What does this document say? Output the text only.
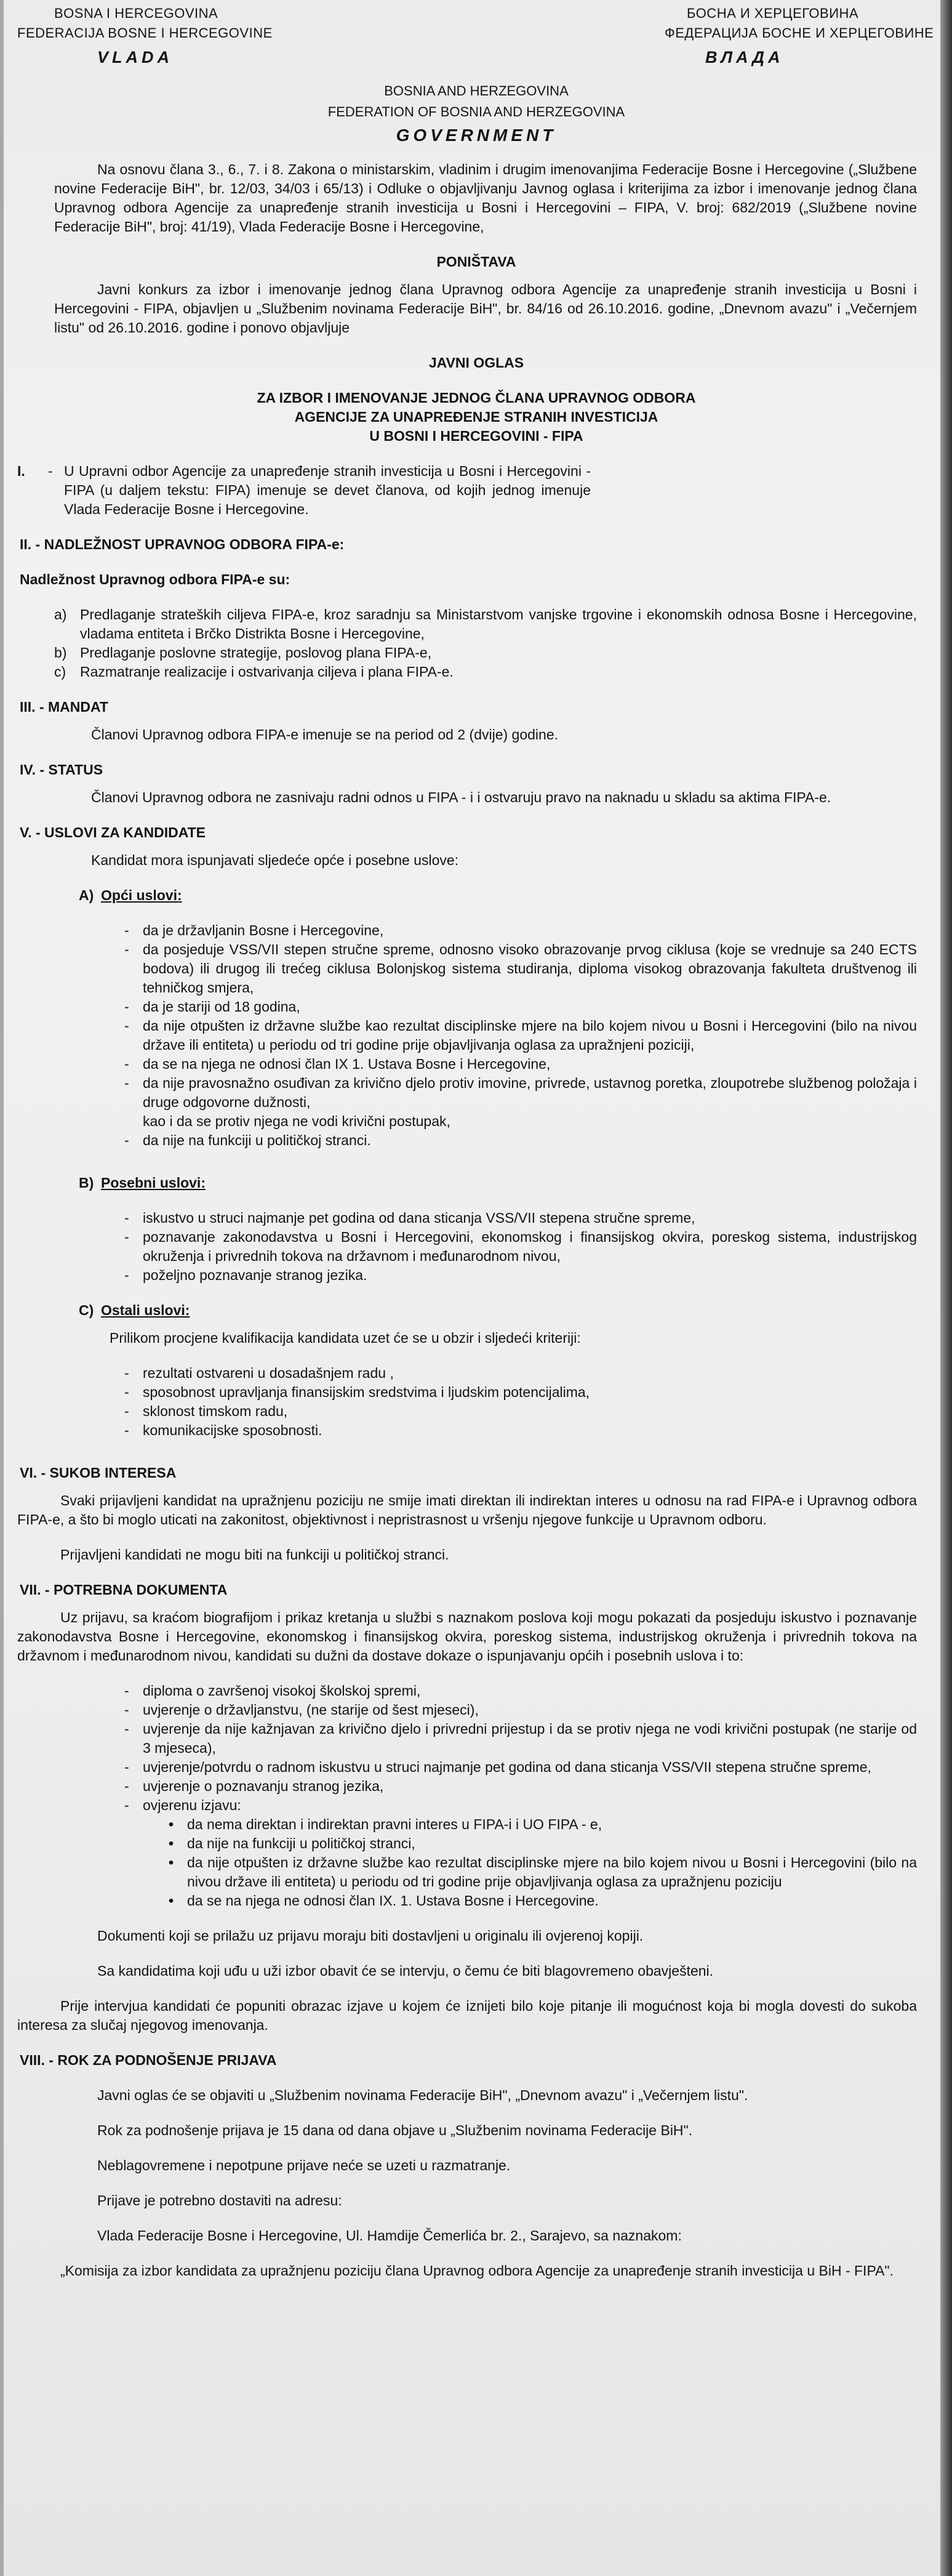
BOSNA I HERCEGOVINA
FEDERACIJA BOSNE I HERCEGOVINE
VLADA
БОСНА И ХЕРЦЕГОВИНА
ФЕДЕРАЦИЈА БОСНЕ И ХЕРЦЕГОВИНЕ
ВЛАДА
BOSNIA AND HERZEGOVINA
FEDERATION OF BOSNIA AND HERZEGOVINA
GOVERNMENT

Na osnovu člana 3., 6., 7. i 8. Zakona o ministarskim, vladinim i drugim imenovanjima Federacije Bosne i Hercegovine („Službene novine Federacije BiH", br. 12/03, 34/03 i 65/13) i Odluke o objavljivanju Javnog oglasa i kriterijima za izbor i imenovanje jednog člana Upravnog odbora Agencije za unapređenje stranih investicija u Bosni i Hercegovini – FIPA, V. broj: 682/2019 („Službene novine Federacije BiH", broj: 41/19), Vlada Federacije Bosne i Hercegovine,

PONIŠTAVA

Javni konkurs za izbor i imenovanje jednog člana Upravnog odbora Agencije za unapređenje stranih investicija u Bosni i Hercegovini - FIPA, objavljen u „Službenim novinama Federacije BiH", br. 84/16 od 26.10.2016. godine, „Dnevnom avazu" i „Večernjem listu" od 26.10.2016. godine i ponovo objavljuje

JAVNI OGLAS
ZA IZBOR I IMENOVANJE JEDNOG ČLANA UPRAVNOG ODBORA
AGENCIJE ZA UNAPREĐENJE STRANIH INVESTICIJA
U BOSNI I HERCEGOVINI - FIPA
I.	- U Upravni odbor Agencije za unapređenje stranih investicija u Bosni i Hercegovini - FIPA (u daljem tekstu: FIPA) imenuje se devet članova, od kojih jednog imenuje Vlada Federacije Bosne i Hercegovine.
II. - NADLEŽNOST UPRAVNOG ODBORA FIPA-e:
Nadležnost Upravnog odbora FIPA-e su:
a) Predlaganje strateških ciljeva FIPA-e, kroz saradnju sa Ministarstvom vanjske trgovine i ekonomskih odnosa Bosne i Hercegovine, vladama entiteta i Brčko Distrikta Bosne i Hercegovine,
b) Predlaganje poslovne strategije, poslovog plana FIPA-e,
c) Razmatranje realizacije i ostvarivanja ciljeva i plana FIPA-e.
III. - MANDAT
Članovi Upravnog odbora FIPA-e imenuje se na period od 2 (dvije) godine.
IV. - STATUS
Članovi Upravnog odbora ne zasnivaju radni odnos u FIPA - i i ostvaruju pravo na naknadu u skladu sa aktima FIPA-e.
V. - USLOVI ZA KANDIDATE
Kandidat mora ispunjavati sljedeće opće i posebne uslove:
A) Opći uslovi:
- da je državljanin Bosne i Hercegovine,
- da posjeduje VSS/VII stepen stručne spreme, odnosno visoko obrazovanje prvog ciklusa (koje se vrednuje sa 240 ECTS bodova) ili drugog ili trećeg ciklusa Bolonjskog sistema studiranja, diploma visokog obrazovanja fakulteta društvenog ili tehničkog smjera,
- da je stariji od 18 godina,
- da nije otpušten iz državne službe kao rezultat disciplinske mjere na bilo kojem nivou u Bosni i Hercegovini (bilo na nivou države ili entiteta) u periodu od tri godine prije objavljivanja oglasa za upražnjeni poziciji,
- da se na njega ne odnosi član IX 1. Ustava Bosne i Hercegovine,
- da nije pravosnažno osuđivan za krivično djelo protiv imovine, privrede, ustavnog poretka, zloupotrebe službenog položaja i druge odgovorne dužnosti,
kao i da se protiv njega ne vodi krivični postupak,
- da nije na funkciji u političkoj stranci.
B) Posebni uslovi:
- iskustvo u struci najmanje pet godina od dana sticanja VSS/VII stepena stručne spreme,
- poznavanje zakonodavstva u Bosni i Hercegovini, ekonomskog i finansijskog okvira, poreskog sistema, industrijskog okruženja i privrednih tokova na državnom i međunarodnom nivou,
- poželjno poznavanje stranog jezika.
C) Ostali uslovi:
Prilikom procjene kvalifikacija kandidata uzet će se u obzir i sljedeći kriteriji:
- rezultati ostvareni u dosadašnjem radu ,
- sposobnost upravljanja finansijskim sredstvima i ljudskim potencijalima,
- sklonost timskom radu,
- komunikacijske sposobnosti.
VI. - SUKOB INTERESA

Svaki prijavljeni kandidat na upražnjenu poziciju ne smije imati direktan ili indirektan interes u odnosu na rad FIPA-e i Upravnog odbora FIPA-e, a što bi moglo uticati na zakonitost, objektivnost i nepristrasnost u vršenju njegove funkcije u Upravnom odboru.

Prijavljeni kandidati ne mogu biti na funkciji u političkoj stranci.

VII. - POTREBNA DOKUMENTA

Uz prijavu, sa kraćom biografijom i prikaz kretanja u službi s naznakom poslova koji mogu pokazati da posjeduju iskustvo i poznavanje zakonodavstva Bosne i Hercegovine, ekonomskog i finansijskog okvira, poreskog sistema, industrijskog okruženja i privrednih tokova na državnom i međunarodnom nivou, kandidati su dužni da dostave dokaze o ispunjavanju općih i posebnih uslova i to:

- diploma o završenoj visokoj školskoj spremi,
- uvjerenje o državljanstvu, (ne starije od šest mjeseci),
- uvjerenje da nije kažnjavan za krivično djelo i privredni prijestup i da se protiv njega ne vodi krivični postupak (ne starije od 3 mjeseca),
- uvjerenje/potvrdu o radnom iskustvu u struci najmanje pet godina od dana sticanja VSS/VII stepena stručne spreme,
- uvjerenje o poznavanju stranog jezika,
- ovjerenu izjavu:
• da nema direktan i indirektan pravni interes u FIPA-i i UO FIPA - e,
• da nije na funkciji u političkoj stranci,
• da nije otpušten iz državne službe kao rezultat disciplinske mjere na bilo kojem nivou u Bosni i Hercegovini (bilo na nivou države ili entiteta) u periodu od tri godine prije objavljivanja oglasa za upražnjenu poziciju
• da se na njega ne odnosi član IX. 1. Ustava Bosne i Hercegovine.

Dokumenti koji se prilažu uz prijavu moraju biti dostavljeni u originalu ili ovjerenoj kopiji.

Sa kandidatima koji uđu u uži izbor obavit će se intervju, o čemu će biti blagovremeno obavješteni.

Prije intervjua kandidati će popuniti obrazac izjave u kojem će iznijeti bilo koje pitanje ili mogućnost koja bi mogla dovesti do sukoba interesa za slučaj njegovog imenovanja.

VIII. - ROK ZA PODNOŠENJE PRIJAVA

Javni oglas će se objaviti u „Službenim novinama Federacije BiH", „Dnevnom avazu" i „Večernjem listu".

Rok za podnošenje prijava je 15 dana od dana objave u „Službenim novinama Federacije BiH".

Neblagovremene i nepotpune prijave neće se uzeti u razmatranje.

Prijave je potrebno dostaviti na adresu:

Vlada Federacije Bosne i Hercegovine, Ul. Hamdije Čemerlića br. 2., Sarajevo, sa naznakom:

„Komisija za izbor kandidata za upražnjenu poziciju člana Upravnog odbora Agencije za unapređenje stranih investicija u BiH - FIPA".
